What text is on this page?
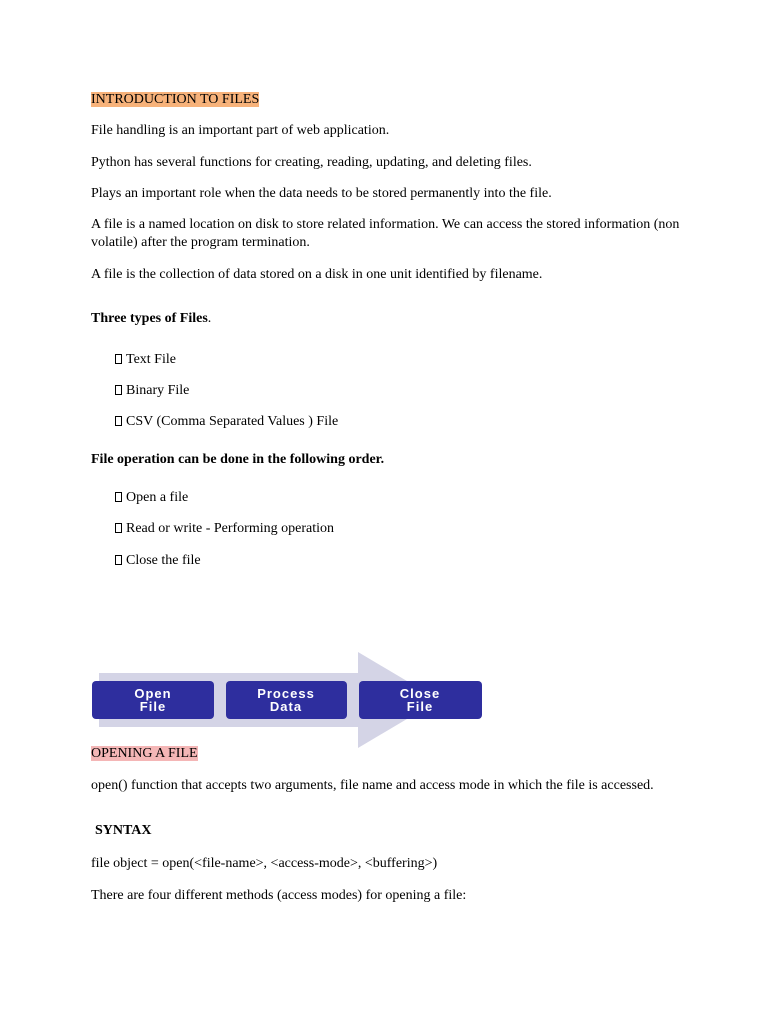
INTRODUCTION TO FILES
File handling is an important part of web application.
Python has several functions for creating, reading, updating, and deleting files.
Plays an important role when the data needs to be stored permanently into the file.
A file is a named location on disk to store related information. We can access the stored information (non
volatile) after the program termination.
A file is the collection of data stored on a disk in one unit identified by filename.
Three types of Files.
Text File
Binary File
CSV (Comma Separated Values ) File
File operation can be done in the following order.
Open a file
Read or write - Performing operation
Close the file
Open
File
Process
Data
Close
File
OPENING A FILE
open() function that accepts two arguments, file name and access mode in which the file is accessed.
SYNTAX
file object = open(<file-name>, <access-mode>, <buffering>)
There are four different methods (access modes) for opening a file:
